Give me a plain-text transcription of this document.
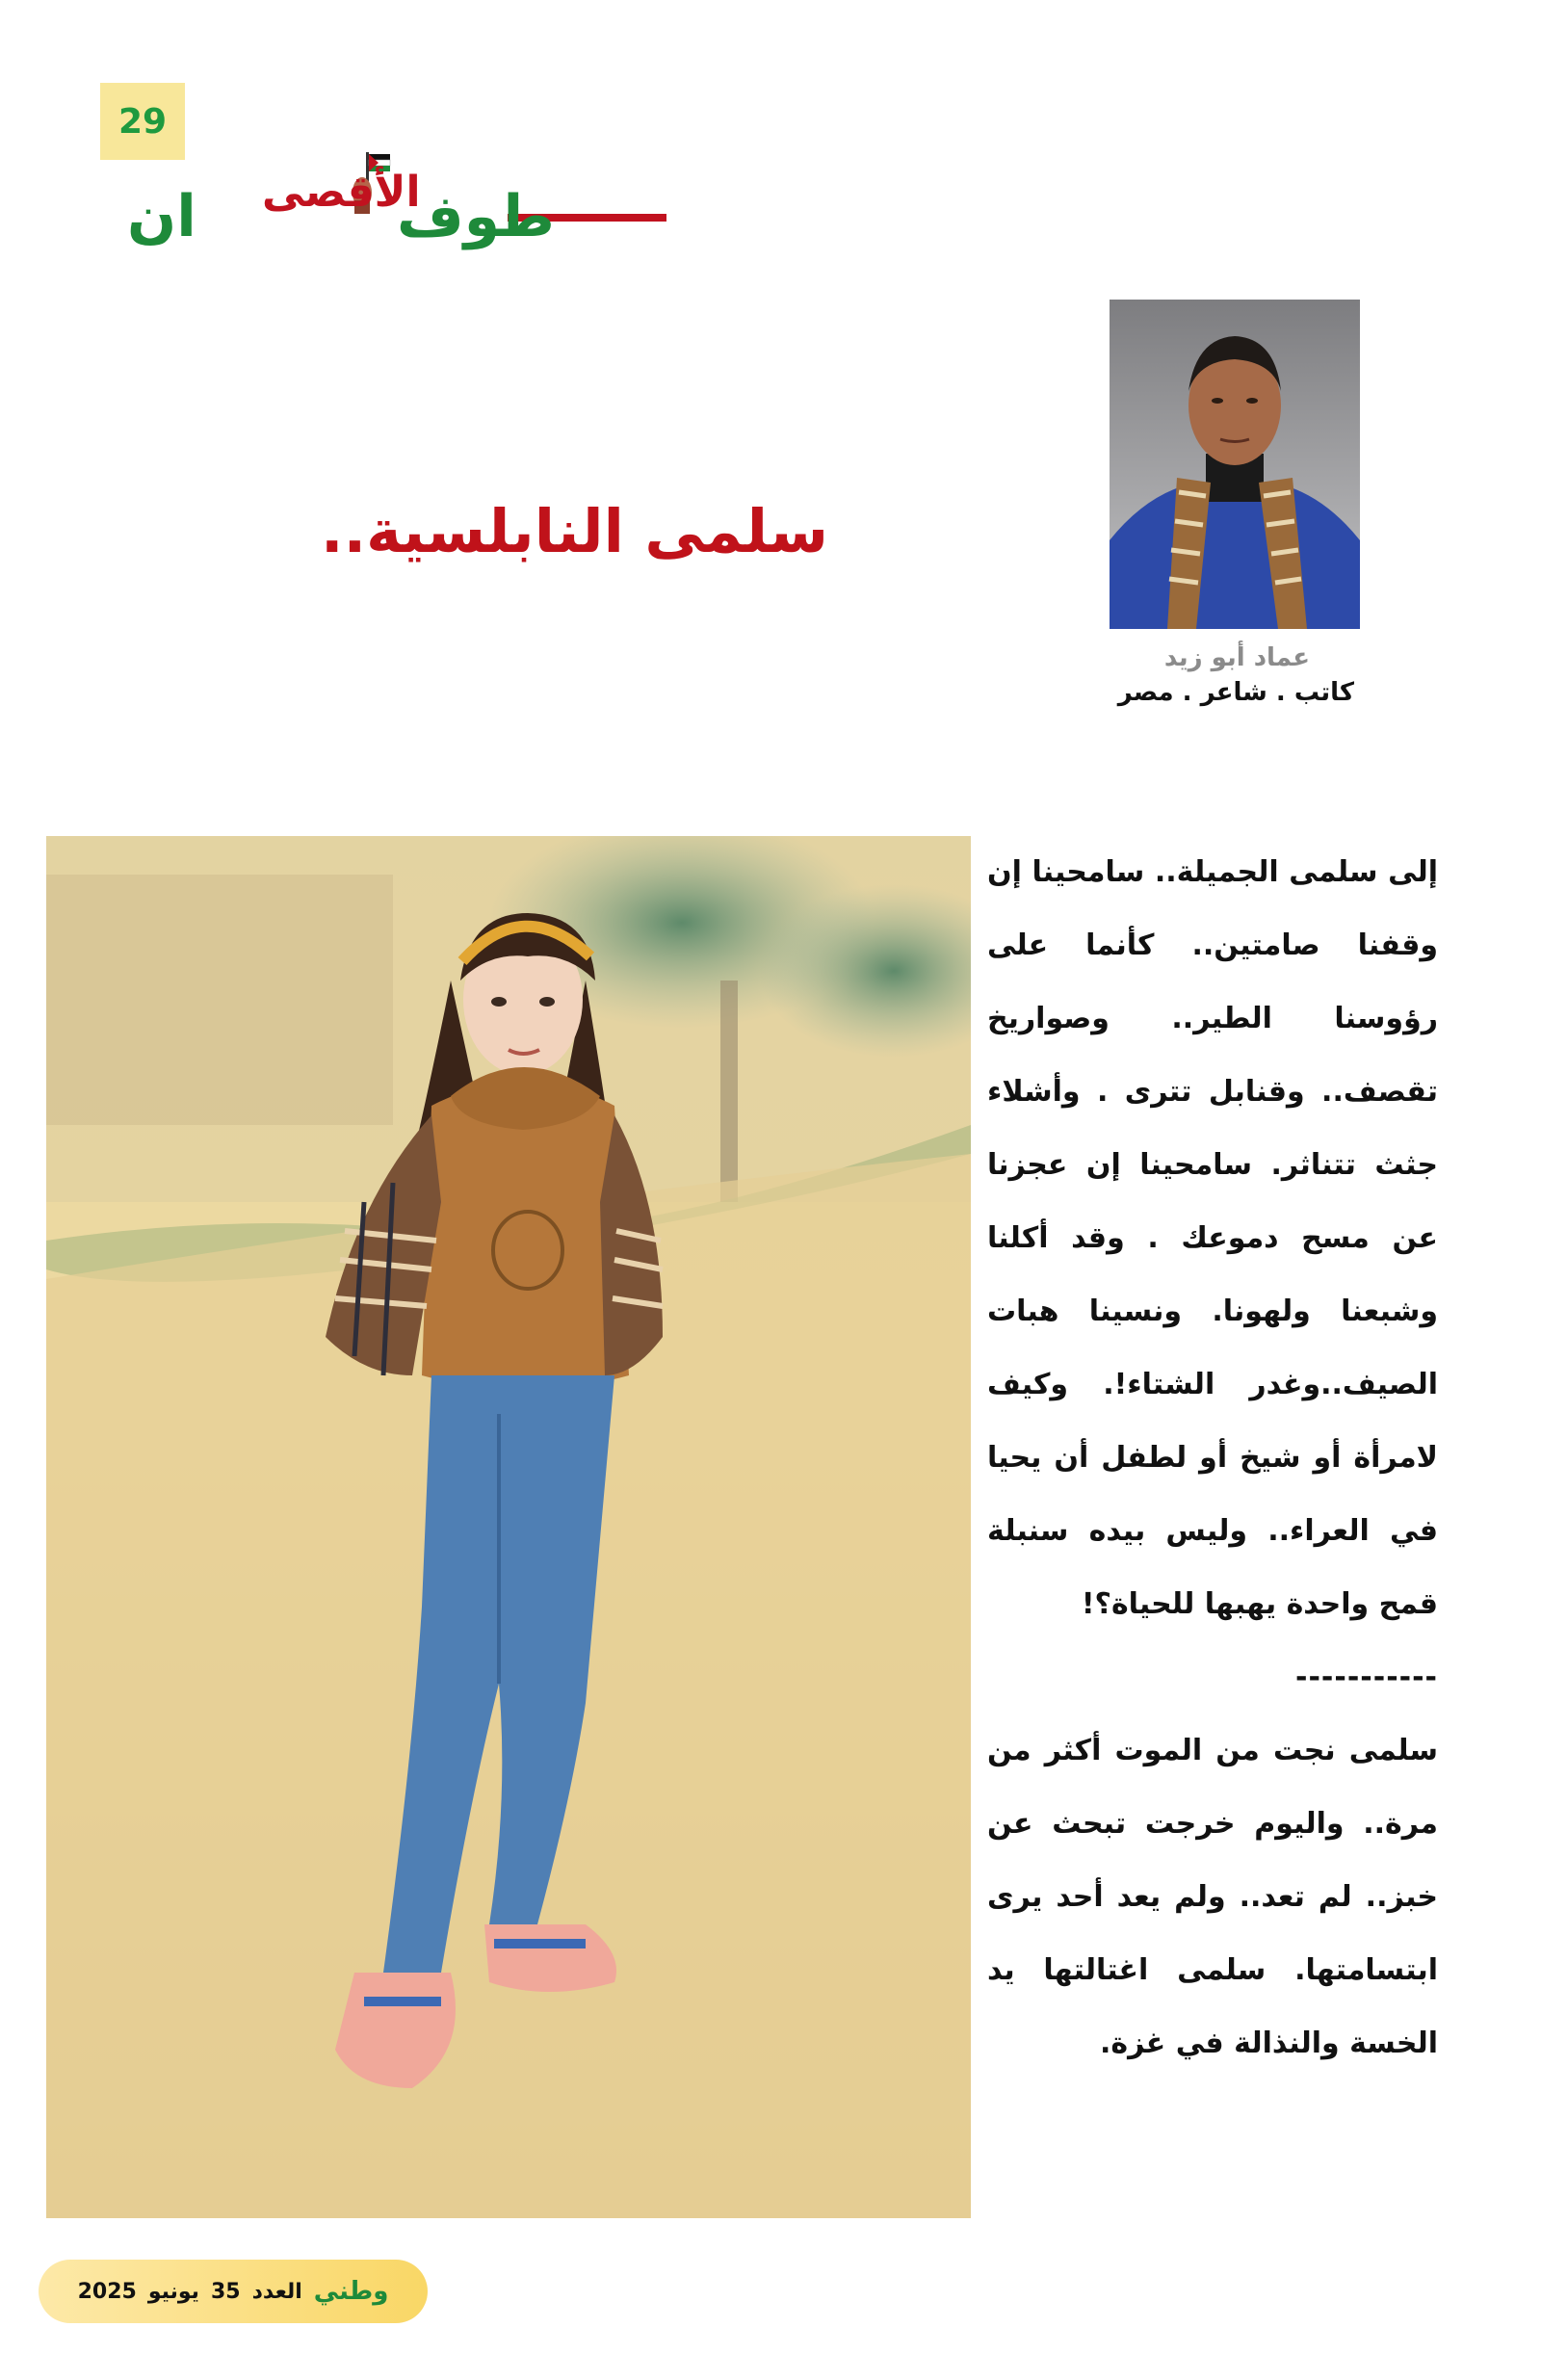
29
طوف
الأقصى
ان
سلمى النابلسية..
عماد أبو زيد
كاتب . شاعر . مصر

إلى سلمى الجميلة.. سامحينا إن وقفنا صامتين.. كأنما على رؤوسنا الطير.. وصواريخ تقصف.. وقنابل تترى . وأشلاء جثث تتناثر. سامحينا إن عجزنا عن مسح دموعك . وقد أكلنا وشبعنا ولهونا. ونسينا هبات الصيف..وغدر الشتاء!. وكيف لامرأة أو شيخ أو لطفل أن يحيا في العراء.. وليس بيده سنبلة قمح واحدة يهبها للحياة؟!

-----------

سلمى نجت من الموت أكثر من مرة.. واليوم خرجت تبحث عن خبز.. لم تعد.. ولم يعد أحد يرى ابتسامتها. سلمى اغتالتها يد الخسة والنذالة في غزة.

وطني
العدد
35
يونيو
2025
